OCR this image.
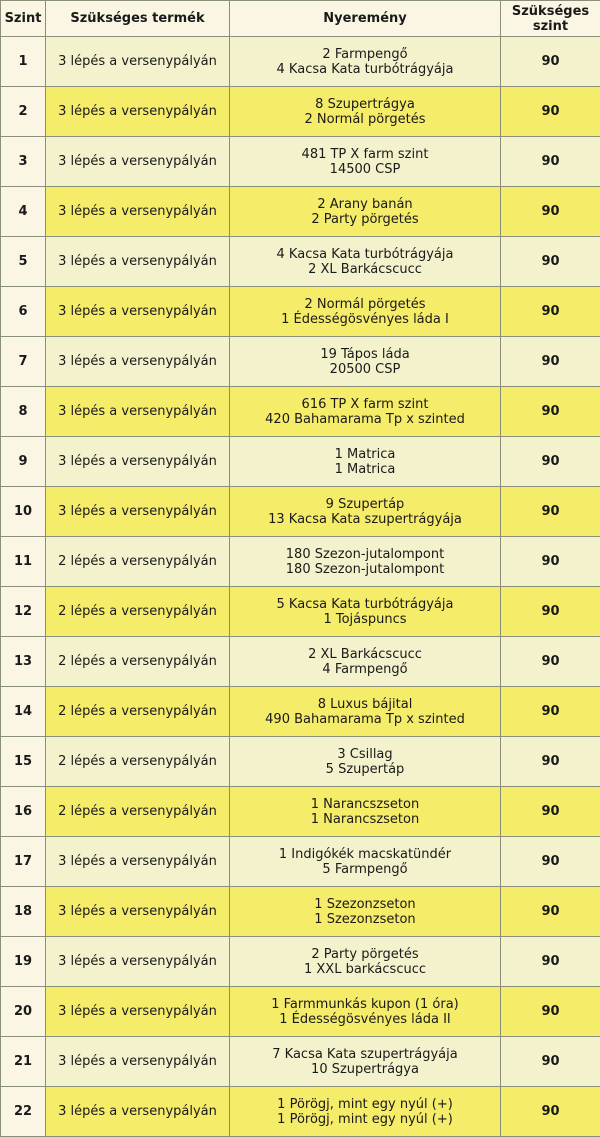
Szint	Szükséges termék	Nyeremény	Szükséges
szint
1	3 lépés a versenypályán	2 Farmpengő
4 Kacsa Kata turbótrágyája	90
2	3 lépés a versenypályán	8 Szupertrágya
2 Normál pörgetés	90
3	3 lépés a versenypályán	481 TP X farm szint
14500 CSP	90
4	3 lépés a versenypályán	2 Arany banán
2 Party pörgetés	90
5	3 lépés a versenypályán	4 Kacsa Kata turbótrágyája
2 XL Barkácscucc	90
6	3 lépés a versenypályán	2 Normál pörgetés
1 Édességösvényes láda I	90
7	3 lépés a versenypályán	19 Tápos láda
20500 CSP	90
8	3 lépés a versenypályán	616 TP X farm szint
420 Bahamarama Tp x szinted	90
9	3 lépés a versenypályán	1 Matrica
1 Matrica	90
10	3 lépés a versenypályán	9 Szupertáp
13 Kacsa Kata szupertrágyája	90
11	2 lépés a versenypályán	180 Szezon-jutalompont
180 Szezon-jutalompont	90
12	2 lépés a versenypályán	5 Kacsa Kata turbótrágyája
1 Tojáspuncs	90
13	2 lépés a versenypályán	2 XL Barkácscucc
4 Farmpengő	90
14	2 lépés a versenypályán	8 Luxus bájital
490 Bahamarama Tp x szinted	90
15	2 lépés a versenypályán	3 Csillag
5 Szupertáp	90
16	2 lépés a versenypályán	1 Narancszseton
1 Narancszseton	90
17	3 lépés a versenypályán	1 Indigókék macskatündér
5 Farmpengő	90
18	3 lépés a versenypályán	1 Szezonzseton
1 Szezonzseton	90
19	3 lépés a versenypályán	2 Party pörgetés
1 XXL barkácscucc	90
20	3 lépés a versenypályán	1 Farmmunkás kupon (1 óra)
1 Édességösvényes láda II	90
21	3 lépés a versenypályán	7 Kacsa Kata szupertrágyája
10 Szupertrágya	90
22	3 lépés a versenypályán	1 Pörögj, mint egy nyúl (+)
1 Pörögj, mint egy nyúl (+)	90
